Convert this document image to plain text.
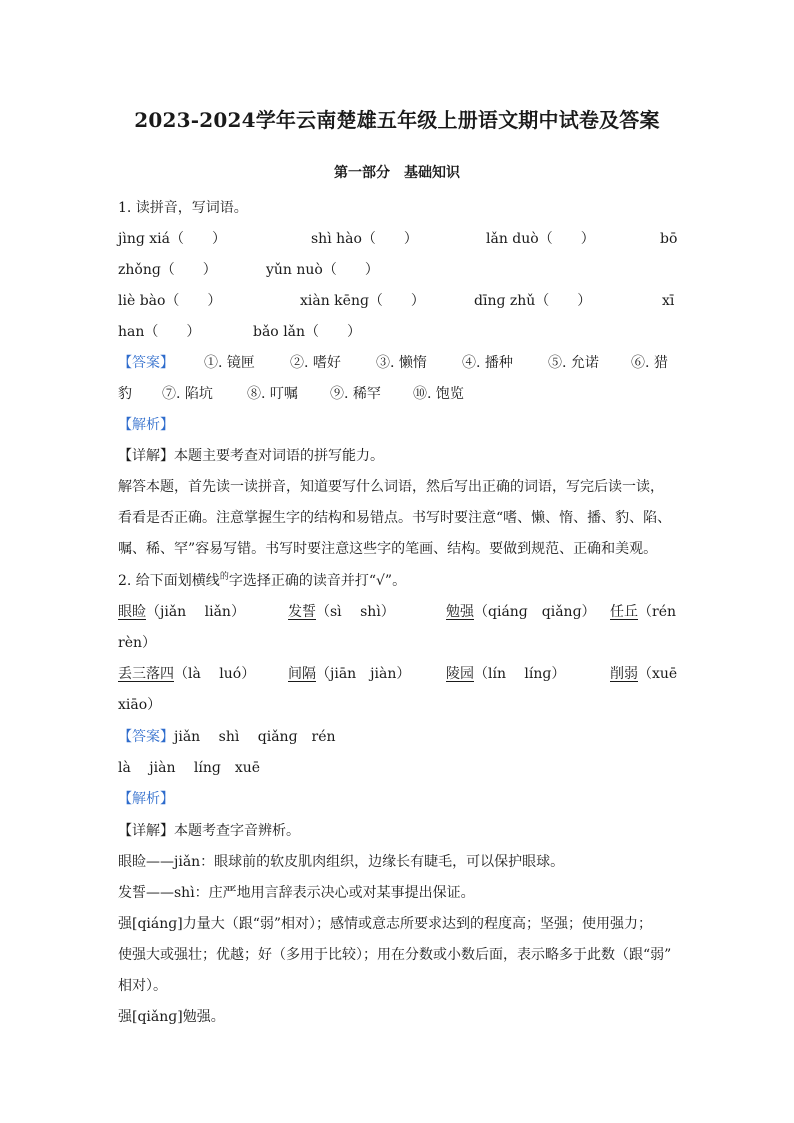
2023-2024学年云南楚雄五年级上册语文期中试卷及答案
第一部分　基础知识
1. 读拼音，写词语。
jìnɡ xiá（　　）	shì hào（　　）	lǎn duò（　　）	bō
zhǒnɡ（　　）	yǔn nuò（　　）
liè bào（　　）	xiàn kēnɡ（　　）	dīnɡ zhǔ（　　）	xī
han（　　）	bǎo lǎn（　　）
【答案】 ①. 镜匣	②. 嗜好	③. 懒惰	④. 播种	⑤. 允诺 ⑥. 猎
豹 ⑦. 陷坑 ⑧. 叮嘱 ⑨. 稀罕 ⑩. 饱览
【解析】
【详解】本题主要考查对词语的拼写能力。
解答本题，首先读一读拼音，知道要写什么词语，然后写出正确的词语，写完后读一读，
看看是否正确。注意掌握生字的结构和易错点。书写时要注意“嗜、懒、惰、播、豹、陷、
嘱、稀、罕”容易写错。书写时要注意这些字的笔画、结构。要做到规范、正确和美观。
2. 给下面划横线$^的$字选择正确的读音并打“√”。
眼睑（jiǎn　 liǎn）	发誓（sì　 shì）	勉强（qiánɡ　qiǎnɡ） 任丘（rén
rèn）
丢三落四（là　 luó） 间隔（jiān　jiàn）	陵园（lín　 línɡ）	削弱（xuē
xiāo）
【答案】jiǎn　 shì　 qiǎnɡ　rén
là　 jiàn　 línɡ　xuē
【解析】
【详解】本题考查字音辨析。
眼睑——jiǎn：眼球前的软皮肌肉组织，边缘长有睫毛，可以保护眼球。
发誓——shì：庄严地用言辞表示决心或对某事提出保证。
强[qiánɡ]力量大（跟“弱”相对）；感情或意志所要求达到的程度高；坚强；使用强力；
使强大或强壮；优越；好（多用于比较）；用在分数或小数后面，表示略多于此数（跟“弱”
相对）。
强[qiǎnɡ]勉强。
